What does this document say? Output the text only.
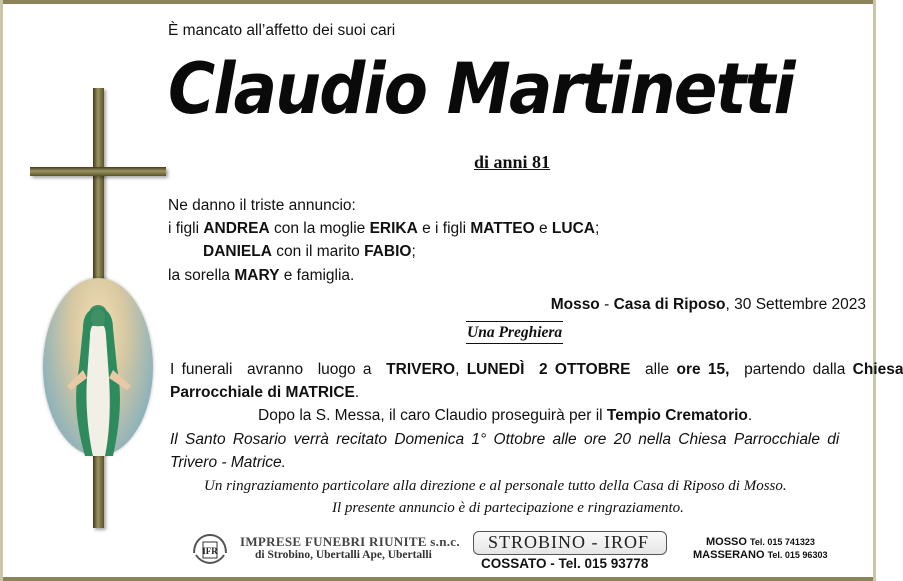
È mancato all’affetto dei suoi cari
Claudio Martinetti
di anni 81
Ne danno il triste annuncio:
i figli ANDREA con la moglie ERIKA e i figli MATTEO e LUCA;
DANIELA con il marito FABIO;
la sorella MARY e famiglia.
Mosso - Casa di Riposo, 30 Settembre 2023
Una Preghiera
I funerali  avranno  luogo a  TRIVERO, LUNEDÌ  2 OTTOBRE  alle ore 15,  partendo dalla Chiesa
Parrocchiale di MATRICE.
Dopo la S. Messa, il caro Claudio proseguirà per il Tempio Crematorio.
Il Santo Rosario verrà recitato Domenica 1° Ottobre alle ore 20 nella Chiesa Parrocchiale di
Trivero - Matrice.
Un ringraziamento particolare alla direzione e al personale tutto della Casa di Riposo di Mosso.
Il presente annuncio è di partecipazione e ringraziamento.
IFR
IMPRESE FUNEBRI RIUNITE s.n.c.
di Strobino, Ubertalli Ape, Ubertalli
STROBINO - IROF
COSSATO - Tel. 015 93778
MOSSO Tel. 015 741323
MASSERANO Tel. 015 96303
